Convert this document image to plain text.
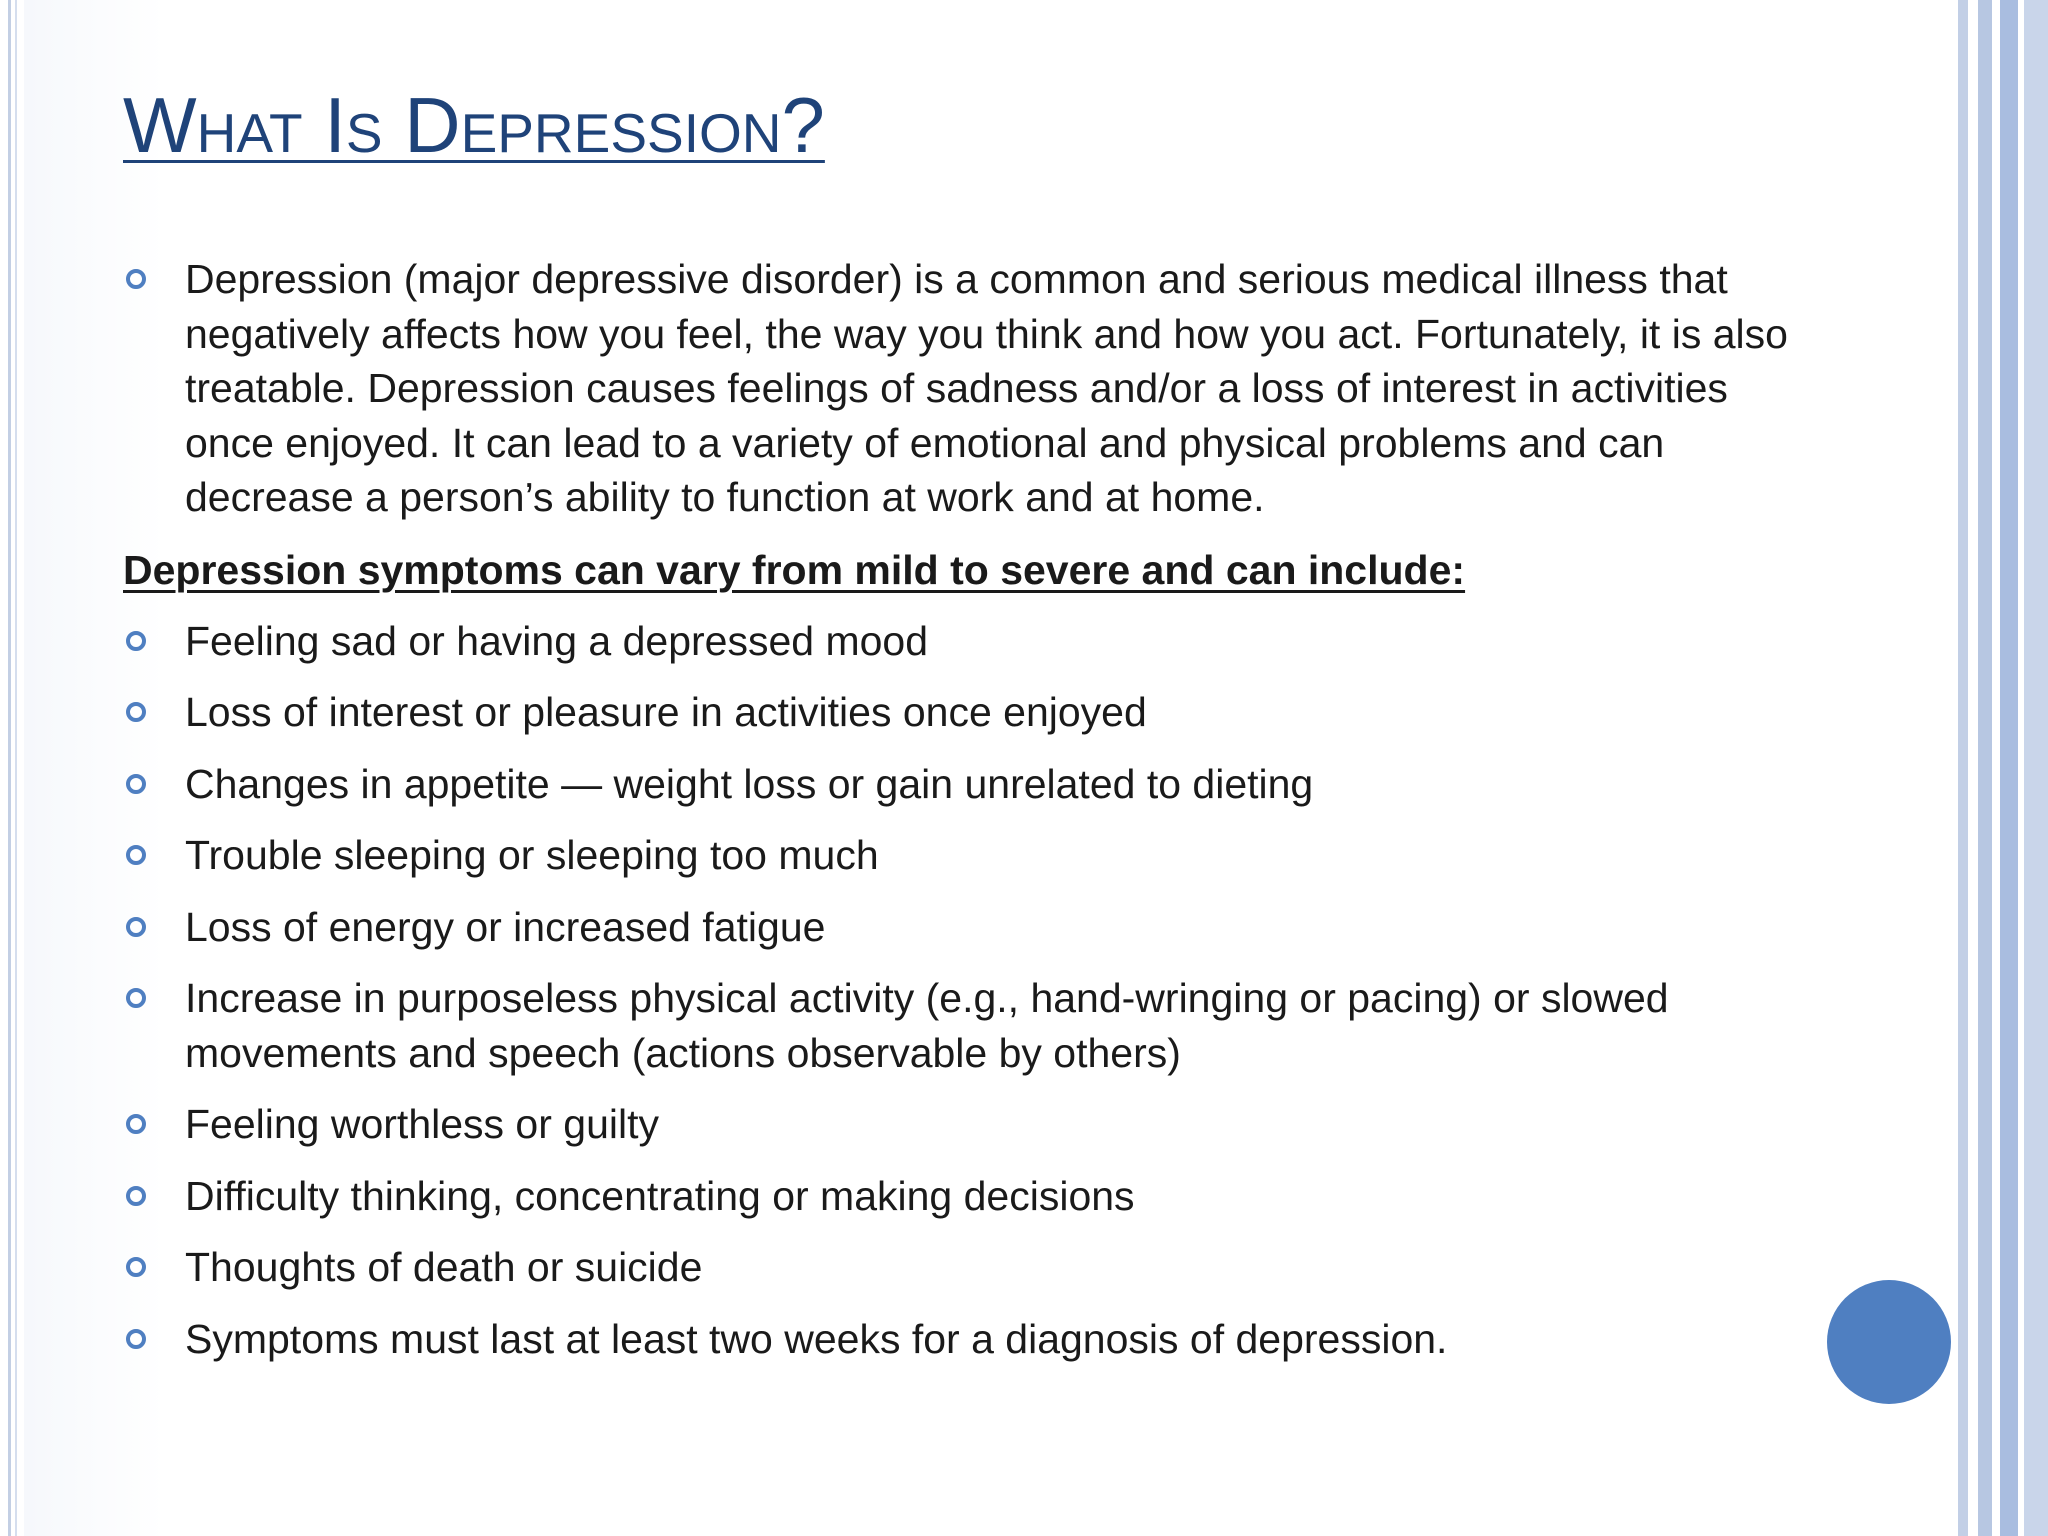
What Is Depression?
Depression (major depressive disorder) is a common and serious medical illness that negatively affects how you feel, the way you think and how you act. Fortunately, it is also treatable. Depression causes feelings of sadness and/or a loss of interest in activities once enjoyed. It can lead to a variety of emotional and physical problems and can decrease a person’s ability to function at work and at home.
Depression symptoms can vary from mild to severe and can include:
Feeling sad or having a depressed mood
Loss of interest or pleasure in activities once enjoyed
Changes in appetite — weight loss or gain unrelated to dieting
Trouble sleeping or sleeping too much
Loss of energy or increased fatigue
Increase in purposeless physical activity (e.g., hand-wringing or pacing) or slowed movements and speech (actions observable by others)
Feeling worthless or guilty
Difficulty thinking, concentrating or making decisions
Thoughts of death or suicide
Symptoms must last at least two weeks for a diagnosis of depression.
